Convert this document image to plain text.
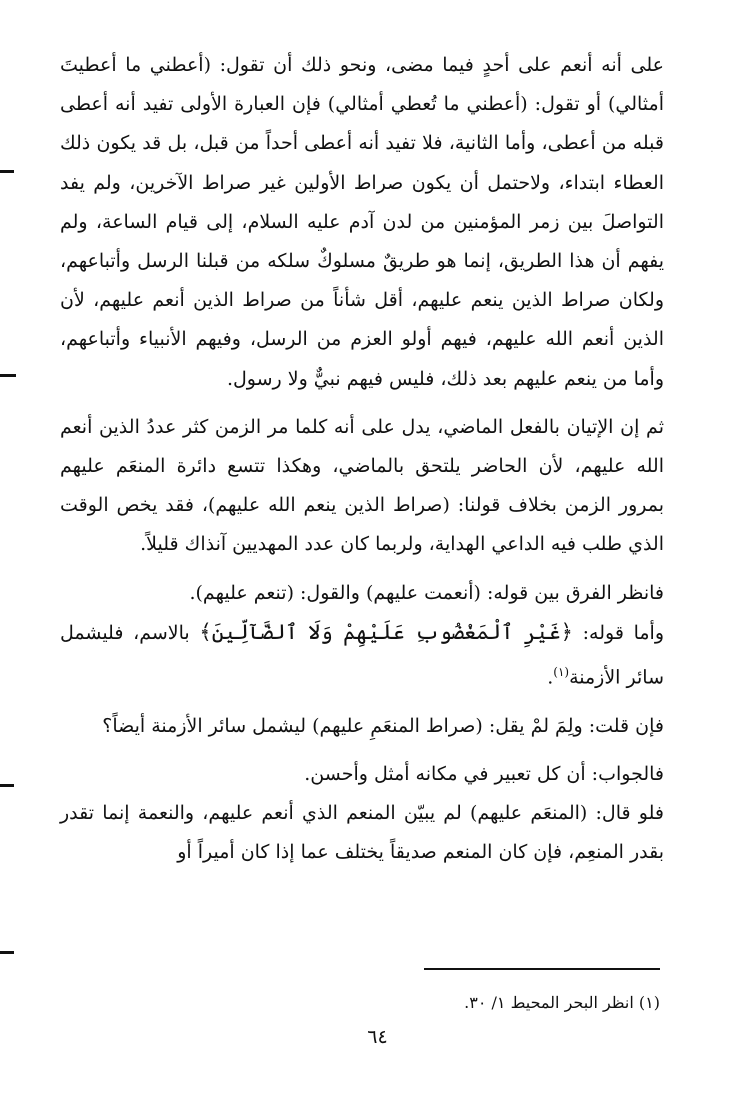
على أنه أنعم على أحدٍ فيما مضى، ونحو ذلك أن تقول: (أعطني ما أعطيتَ أمثالي) أو تقول: (أعطني ما تُعطي أمثالي) فإن العبارة الأولى تفيد أنه أعطى قبله من أعطى، وأما الثانية، فلا تفيد أنه أعطى أحداً من قبل، بل قد يكون ذلك العطاء ابتداء، ولاحتمل أن يكون صراط الأولين غير صراط الآخرين، ولم يفد التواصلَ بين زمر المؤمنين من لدن آدم عليه السلام، إلى قيام الساعة، ولم يفهم أن هذا الطريق، إنما هو طريقٌ مسلوكٌ سلكه من قبلنا الرسل وأتباعهم، ولكان صراط الذين ينعم عليهم، أقل شأناً من صراط الذين أنعم عليهم، لأن الذين أنعم الله عليهم، فيهم أولو العزم من الرسل، وفيهم الأنبياء وأتباعهم، وأما من ينعم عليهم بعد ذلك، فليس فيهم نبيٌّ ولا رسول.

ثم إن الإتيان بالفعل الماضي، يدل على أنه كلما مر الزمن كثر عددُ الذين أنعم الله عليهم، لأن الحاضر يلتحق بالماضي، وهكذا تتسع دائرة المنعَم عليهم بمرور الزمن بخلاف قولنا: (صراط الذين ينعم الله عليهم)، فقد يخص الوقت الذي طلب فيه الداعي الهداية، ولربما كان عدد المهديين آنذاك قليلاً.

فانظر الفرق بين قوله: (أنعمت عليهم) والقول: (تنعم عليهم).

وأما قوله: ﴿غَيْرِ ٱلْمَغْضُوبِ عَلَيْهِمْ وَلَا ٱلضَّآلِّينَ﴾ بالاسم، فليشمل سائر الأزمنة$^{(١)}$.

فإن قلت: ولِمَ لمْ يقل: (صراط المنعَمِ عليهم) ليشمل سائر الأزمنة أيضاً؟

فالجواب: أن كل تعبير في مكانه أمثل وأحسن.

فلو قال: (المنعَم عليهم) لم يبيّن المنعم الذي أنعم عليهم، والنعمة إنما تقدر بقدر المنعِم، فإن كان المنعم صديقاً يختلف عما إذا كان أميراً أو

(١) انظر البحر المحيط ١/ ٣٠.
٦٤
